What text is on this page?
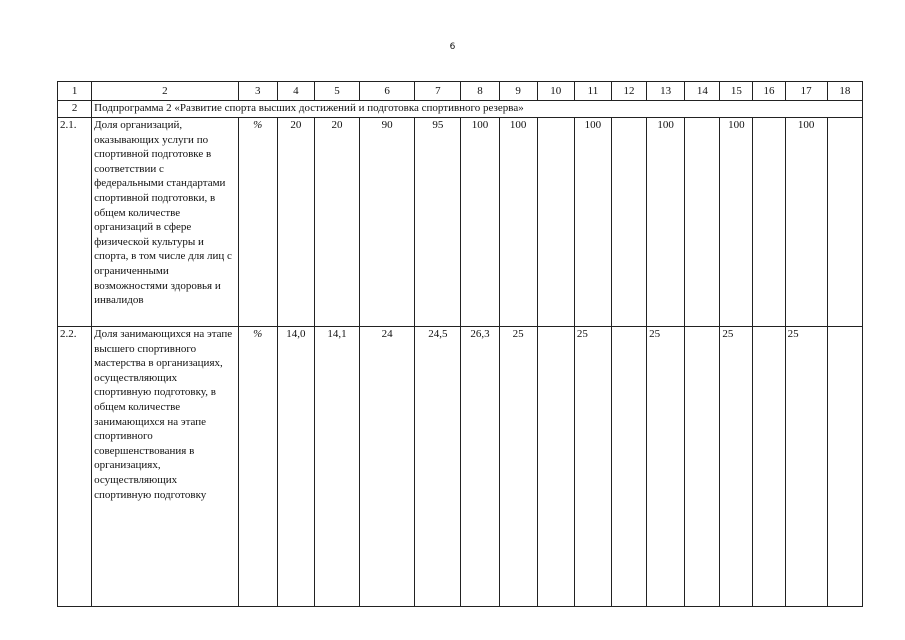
6
1	2	3	4	5	6	7	8	9	10	11	12	13	14	15	16	17	18
2	Подпрограмма 2 «Развитие спорта высших достижений и подготовка спортивного резерва»																
2.1.	Доля организаций, оказывающих услуги по спортивной подготовке в соответствии с федеральными стандартами спортивной подготовки, в общем количестве организаций в сфере физической культуры и спорта, в том числе для лиц с ограниченными возможностями здоровья и инвалидов	%	20	20	90	95	100	100		100		100		100		100	
2.2.	Доля занимающихся на этапе высшего спортивного мастерства в организациях, осуществляющих спортивную подготовку, в общем количестве занимающихся на этапе спортивного совершенствования в организациях, осуществляющих спортивную подготовку	%	14,0	14,1	24	24,5	26,3	25		25		25		25		25	
